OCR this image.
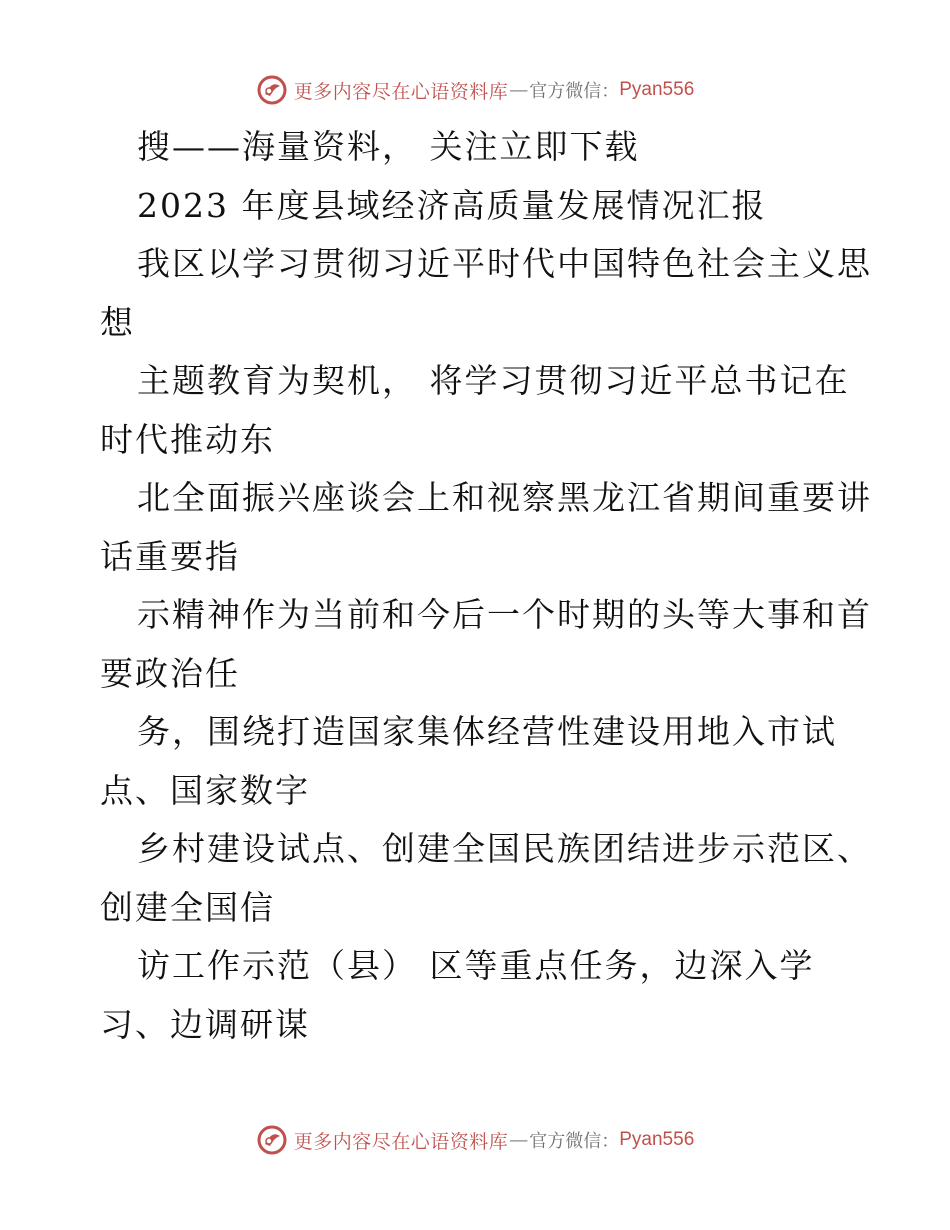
更多内容尽在心语资料库 — 官方微信： Pyan556
搜——海量资料， 关注立即下载
2023 年度县域经济高质量发展情况汇报
我区以学习贯彻习近平时代中国特色社会主义思
想
主题教育为契机， 将学习贯彻习近平总书记在
时代推动东
北全面振兴座谈会上和视察黑龙江省期间重要讲
话重要指
示精神作为当前和今后一个时期的头等大事和首
要政治任
务，围绕打造国家集体经营性建设用地入市试
点、国家数字
乡村建设试点、创建全国民族团结进步示范区、
创建全国信
访工作示范（县） 区等重点任务，边深入学
习、边调研谋
更多内容尽在心语资料库 — 官方微信： Pyan556
